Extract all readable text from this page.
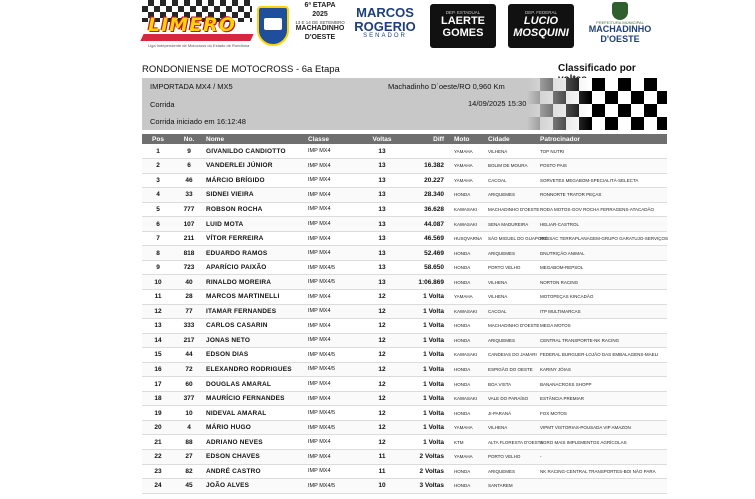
LIMERO
Liga Independente de Motocross do Estado de Rondônia
6ª ETAPA
2025
13 E 14 DE SETEMBRO
MACHADINHO
D'OESTE
MARCOS
ROGERIO
SENADOR
DEP. ESTADUAL
LAERTE
GOMES
DEP. FEDERAL
LUCIO
MOSQUINI
PREFEITURA MUNICIPAL
MACHADINHO
D'OESTE
RONDONIENSE DE MOTOCROSS - 6a Etapa	Classificado por
IMPORTADA MX4 / MX5	Machadinho D´oeste/RO 0,960 Km
Corrida	14/09/2025 15:30
Corrida iniciado em 16:12:48
Pos	No.	Nome	Classe	Voltas	Diff	Moto	Cidade	Patrocinador
1	9	GIVANILDO CANDIOTTO	IMP MX4	13		YAMAHA	VILHENA	TOP NUTRI
2	6	VANDERLEI JÚNIOR	IMP MX4	13	16.382	YAMAHA	BOLIM DE MOURA	POSTO PAIS
3	46	MÁRCIO BRÍGIDO	IMP MX4	13	20.227	YAMAHA	CACOAL	SORVETES MEGABOM-SPECIALITÁ-SELECTA
4	33	SIDNEI VIEIRA	IMP MX4	13	28.340	HONDA	ARIQUEMES	RONNORTE TRATOR PEÇAS
5	777	ROBSON ROCHA	IMP MX4	13	36.628	KAWASAKI	MACHADINHO D'OESTE	RODA MOTOS-GOV ROCHA FERRAGENS-ATACADÃO
6	107	LUID MOTA	IMP MX4	13	44.087	KAWASAKI	SENA MADUREIRA	HELIAR-CASTROL
7	211	VÍTOR FERREIRA	IMP MX4	13	46.569	HUSQVARNA	SÃO MIGUEL DO GUAPORÉ	RESSAC TERRAPLANAGEM-GRUPO GARATUJO-SERVIÇOS
8	818	EDUARDO RAMOS	IMP MX4	13	52.469	HONDA	ARIQUEMES	DNUTRIÇÃO ANIMAL
9	723	APARÍCIO PAIXÃO	IMP MX4/5	13	58.650	HONDA	PORTO VELHO	MEGABOM-REPSOL
10	40	RINALDO MOREIRA	IMP MX4/5	13	1:06.869	HONDA	VILHENA	NORTON RACING
11	28	MARCOS MARTINELLI	IMP MX4	12	1 Volta	YAMAHA	VILHENA	MOTOPEÇAS KINCADÃO
12	77	ITAMAR FERNANDES	IMP MX4	12	1 Volta	KAWASAKI	CACOAL	ITP MULTIMARCAS
13	333	CARLOS CASARIN	IMP MX4	12	1 Volta	HONDA	MACHADINHO D'OESTE	MEGA MOTOS
14	217	JONAS NETO	IMP MX4	12	1 Volta	HONDA	ARIQUEMES	CENTRAL TRANSPORTE-NK RACING
15	44	EDSON DIAS	IMP MX4/5	12	1 Volta	KAWASAKI	CANDEIAS DO JAMARI	FEDERAL BURGUER-LOJÃO DAS EMBALAGENS-MAELI
16	72	ELEXANDRO RODRIGUES	IMP MX4/5	12	1 Volta	HONDA	ESPIGÃO DO OESTE	KARINY JÓIAS
17	60	DOUGLAS AMARAL	IMP MX4	12	1 Volta	HONDA	BOA VISTA	BANANACROSS SHOPP
18	377	MAURÍCIO FERNANDES	IMP MX4	12	1 Volta	KAWASAKI	VALE DO PARAÍSO	ESTÂNCIA PREMIAR
19	10	NIDEVAL AMARAL	IMP MX4/5	12	1 Volta	HONDA	JI-PARANÁ	FOX MOTOS
20	4	MÁRIO HUGO	IMP MX4/5	12	1 Volta	YAMAHA	VILHENA	VIPMT VISTORIAS-POUSADA VIP AMAZON
21	88	ADRIANO NEVES	IMP MX4	12	1 Volta	KTM	ALTA FLORESTA D'OESTE	AGRO MAIS IMPLEMENTOS AGRÍCOLAS
22	27	EDSON CHAVES	IMP MX4	11	2 Voltas	YAMAHA	PORTO VELHO	-
23	82	ANDRÉ CASTRO	IMP MX4	11	2 Voltas	HONDA	ARIQUEMES	NK RACING-CENTRAL TRANSPORTES-BOI NÃO PARA
24	45	JOÃO ALVES	IMP MX4/5	10	3 Voltas	HONDA	SANTAREM	
